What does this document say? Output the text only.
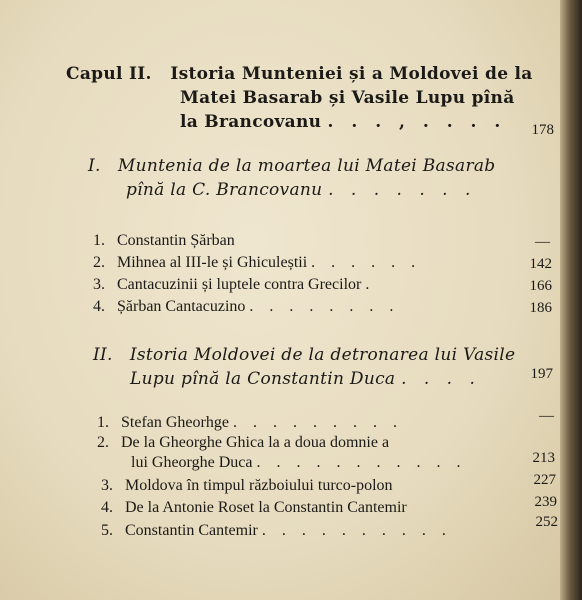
Capul II. Istoria Munteniei și a Moldovei de la
Matei Basarab și Vasile Lupu pînă
la Brancovanu . . . , . . . .	178
I. Muntenia de la moartea lui Matei Basarab
pînă la C. Brancovanu . . . . . . .
1. Constantin Șărban	—
2. Mihnea al III-le și Ghiculeștii . . . . . .	142
3. Cantacuzinii și luptele contra Grecilor .	166
4. Șărban Cantacuzino . . . . . . . .	186
II. Istoria Moldovei de la detronarea lui Vasile
Lupu pînă la Constantin Duca . . . .	197
1. Stefan Gheorhge . . . . . . . . .	—
2. De la Gheorghe Ghica la a doua domnie a
lui Gheorghe Duca . . . . . . . . . . .	213
3. Moldova în timpul războiului turco-polon	227
4. De la Antonie Roset la Constantin Cantemir	239
5. Constantin Cantemir . . . . . . . . . .	252
